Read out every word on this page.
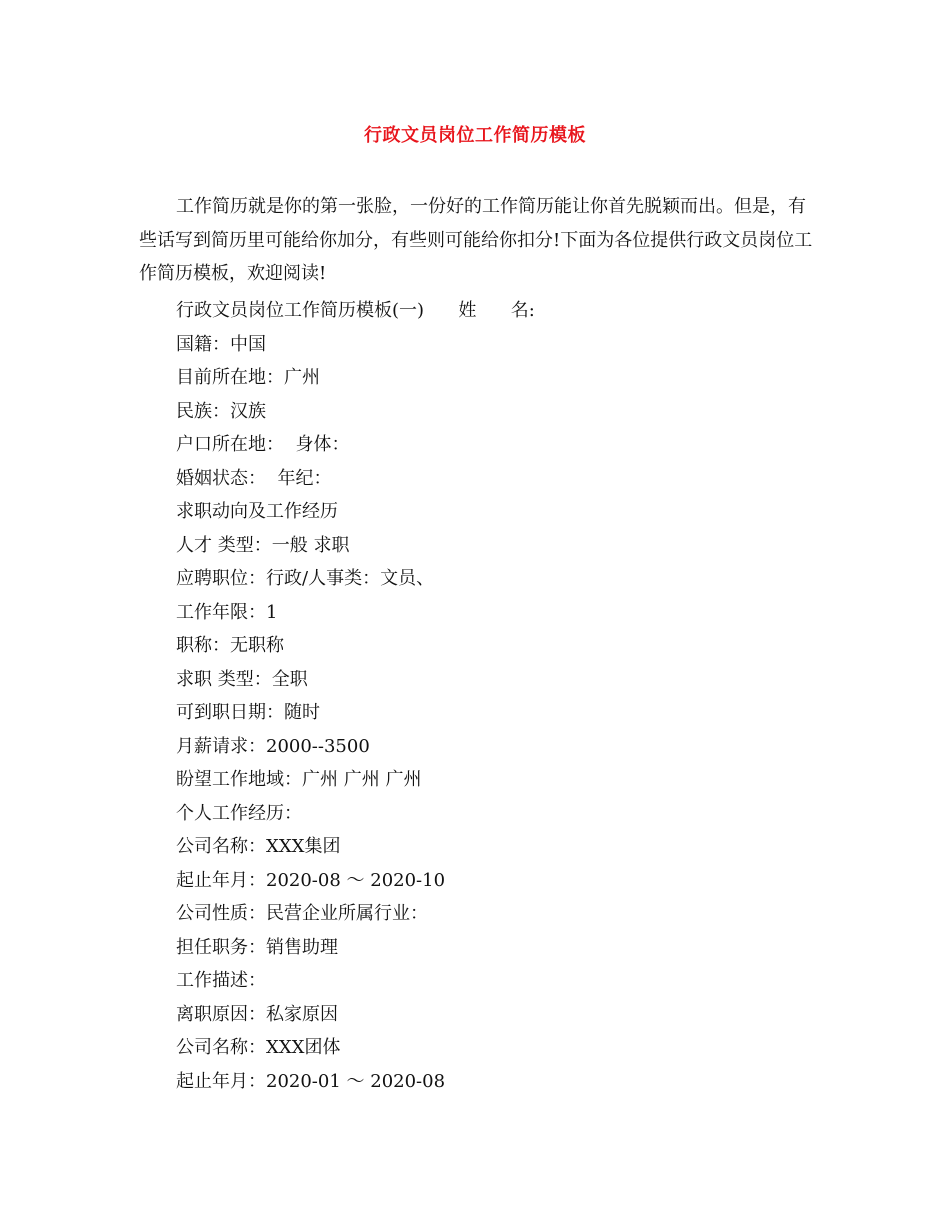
行政文员岗位工作简历模板

工作简历就是你的第一张脸，一份好的工作简历能让你首先脱颖而出。但是，有些话写到简历里可能给你加分，有些则可能给你扣分!下面为各位提供行政文员岗位工作简历模板，欢迎阅读!

行政文员岗位工作简历模板(一)      姓      名:
国籍：中国
目前所在地：广州
民族：汉族
户口所在地：  身体：
婚姻状态：  年纪：
求职动向及工作经历
人才 类型：一般 求职
应聘职位：行政/人事类：文员、
工作年限：1
职称：无职称
求职 类型：全职
可到职日期：随时
月薪请求：2000--3500
盼望工作地域：广州 广州 广州
个人工作经历：
公司名称：XXX集团
起止年月：2020-08 ～ 2020-10
公司性质：民营企业所属行业：
担任职务：销售助理
工作描述：
离职原因：私家原因
公司名称：XXX团体
起止年月：2020-01 ～ 2020-08
